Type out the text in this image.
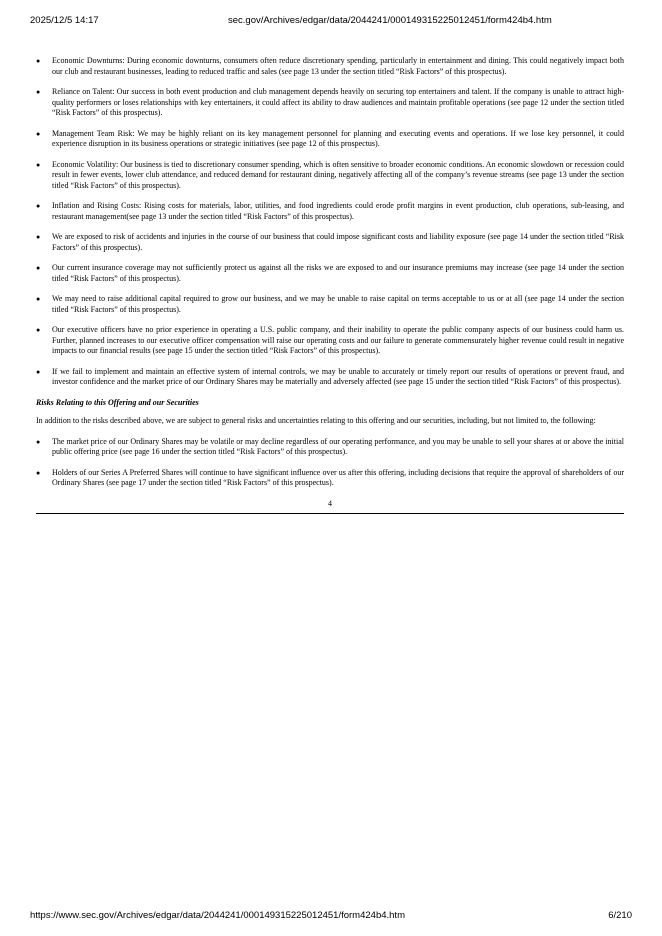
2025/12/5 14:17	sec.gov/Archives/edgar/data/2044241/000149315225012451/form424b4.htm
● Economic Downturns: During economic downturns, consumers often reduce discretionary spending, particularly in entertainment and dining. This could negatively impact both our club and restaurant businesses, leading to reduced traffic and sales (see page 13 under the section titled “Risk Factors” of this prospectus).
● Reliance on Talent: Our success in both event production and club management depends heavily on securing top entertainers and talent. If the company is unable to attract high-quality performers or loses relationships with key entertainers, it could affect its ability to draw audiences and maintain profitable operations (see page 12 under the section titled “Risk Factors” of this prospectus).
● Management Team Risk: We may be highly reliant on its key management personnel for planning and executing events and operations. If we lose key personnel, it could experience disruption in its business operations or strategic initiatives (see page 12 of this prospectus).
● Economic Volatility: Our business is tied to discretionary consumer spending, which is often sensitive to broader economic conditions. An economic slowdown or recession could result in fewer events, lower club attendance, and reduced demand for restaurant dining, negatively affecting all of the company’s revenue streams (see page 13 under the section titled “Risk Factors” of this prospectus).
● Inflation and Rising Costs: Rising costs for materials, labor, utilities, and food ingredients could erode profit margins in event production, club operations, sub-leasing, and restaurant management(see page 13 under the section titled “Risk Factors” of this prospectus).
● We are exposed to risk of accidents and injuries in the course of our business that could impose significant costs and liability exposure (see page 14 under the section titled “Risk Factors” of this prospectus).
● Our current insurance coverage may not sufficiently protect us against all the risks we are exposed to and our insurance premiums may increase (see page 14 under the section titled “Risk Factors” of this prospectus).
● We may need to raise additional capital required to grow our business, and we may be unable to raise capital on terms acceptable to us or at all (see page 14 under the section titled “Risk Factors” of this prospectus).
● Our executive officers have no prior experience in operating a U.S. public company, and their inability to operate the public company aspects of our business could harm us. Further, planned increases to our executive officer compensation will raise our operating costs and our failure to generate commensurately higher revenue could result in negative impacts to our financial results (see page 15 under the section titled “Risk Factors” of this prospectus).
● If we fail to implement and maintain an effective system of internal controls, we may be unable to accurately or timely report our results of operations or prevent fraud, and investor confidence and the market price of our Ordinary Shares may be materially and adversely affected (see page 15 under the section titled “Risk Factors” of this prospectus).

Risks Relating to this Offering and our Securities

In addition to the risks described above, we are subject to general risks and uncertainties relating to this offering and our securities, including, but not limited to, the following:

● The market price of our Ordinary Shares may be volatile or may decline regardless of our operating performance, and you may be unable to sell your shares at or above the initial public offering price (see page 16 under the section titled “Risk Factors” of this prospectus).
● Holders of our Series A Preferred Shares will continue to have significant influence over us after this offering, including decisions that require the approval of shareholders of our Ordinary Shares (see page 17 under the section titled “Risk Factors” of this prospectus).
4
https://www.sec.gov/Archives/edgar/data/2044241/000149315225012451/form424b4.htm	6/210
